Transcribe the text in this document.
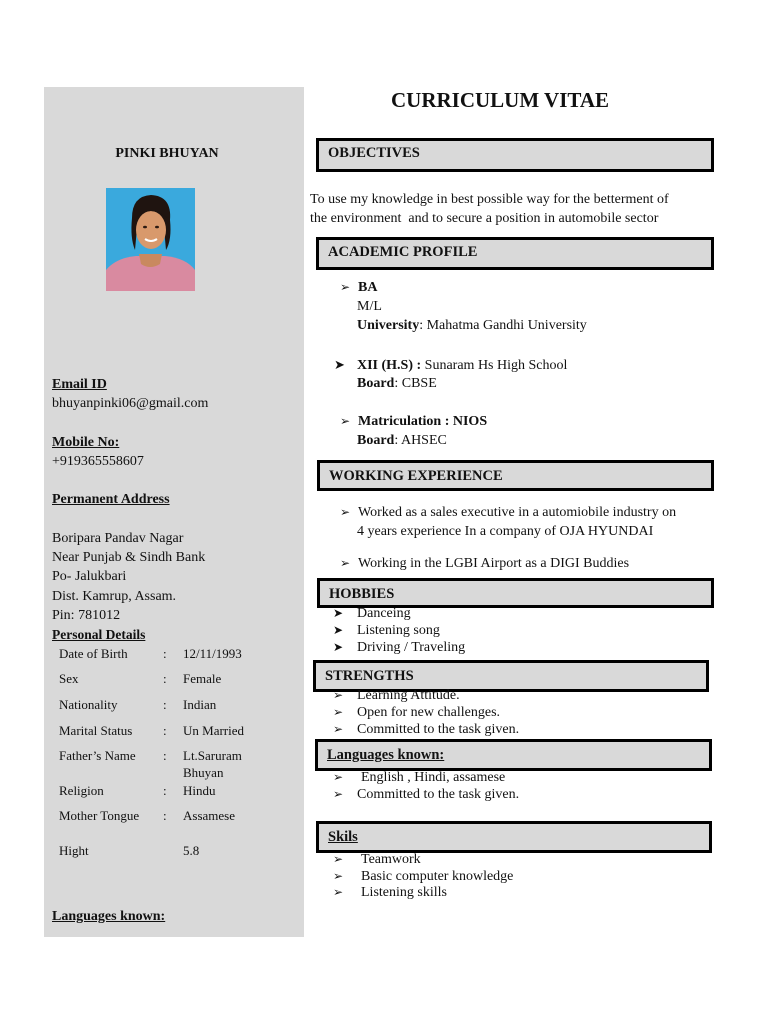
PINKI BHUYAN
Email ID
bhuyanpinki06@gmail.com
Mobile No:
+919365558607
Permanent Address
Boripara Pandav Nagar
Near Punjab & Sindh Bank
Po- Jalukbari
Dist. Kamrup, Assam.
Pin: 781012
Personal Details
Date of Birth	: 12/11/1993
Sex	: Female
Nationality	: Indian
Marital Status : Un Married
Father’s Name : Lt.Saruram
Bhuyan
Religion	: Hindu
Mother Tongue : Assamese
Hight	5.8
Languages known:
CURRICULUM VITAE
OBJECTIVES
To use my knowledge in best possible way for the betterment of
the environment  and to secure a position in automobile sector
ACADEMIC PROFILE
➢ BA
M/L
University: Mahatma Gandhi University
➤ XII (H.S) : Sunaram Hs High School
Board: CBSE
➢ Matriculation : NIOS
Board: AHSEC
WORKING EXPERIENCE
➢ Worked as a sales executive in a automiobile industry on
4 years experience In a company of OJA HYUNDAI
➢ Working in the LGBI Airport as a DIGI Buddies
HOBBIES
➤ Danceing
➤ Listening song
➤ Driving / Traveling
STRENGTHS
➢ Learning Attitude.
➢ Open for new challenges.
➢ Committed to the task given.
Languages known:
➢ English , Hindi, assamese
➢ Committed to the task given.
Skils
➢ Teamwork
➢ Basic computer knowledge
➢ Listening skills
